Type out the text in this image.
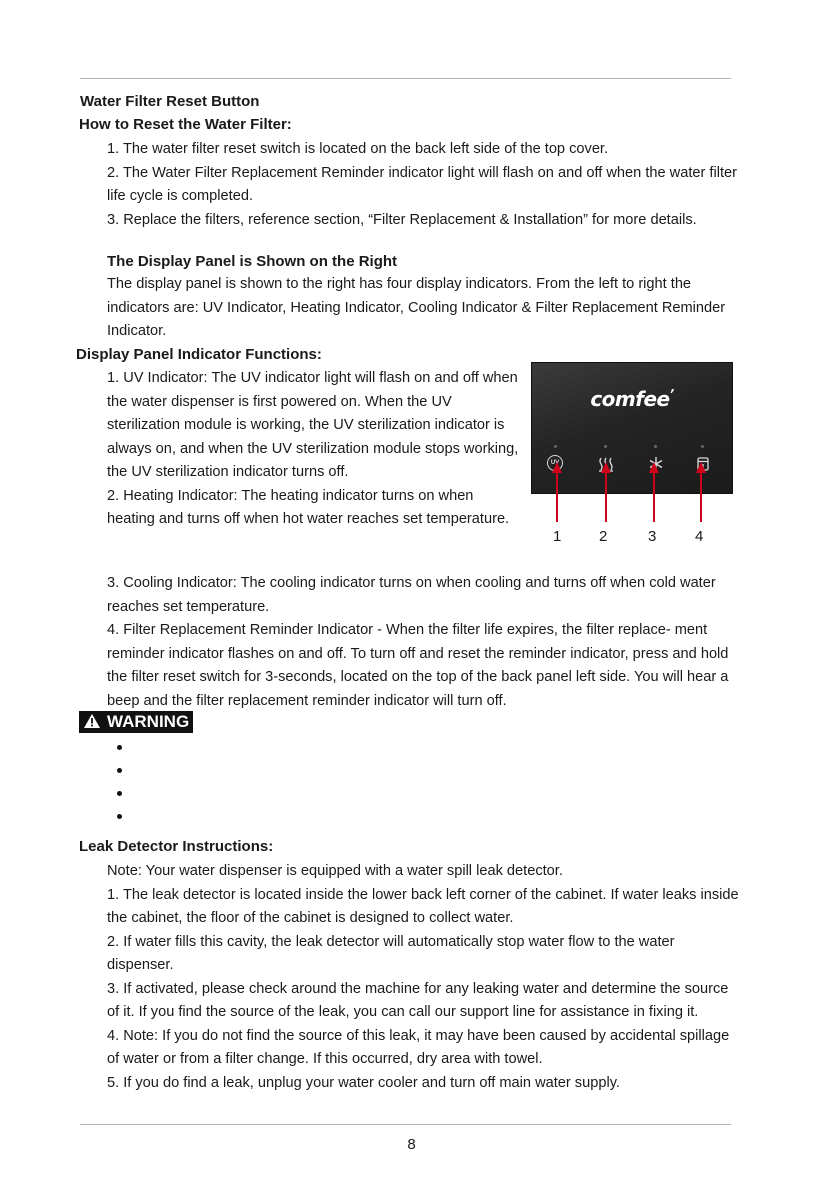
Water Filter Reset Button
How to Reset the Water Filter:

1. The water filter reset switch is located on the back left side of the top cover.
2. The Water Filter Replacement Reminder indicator light will flash on and off when the water filter life cycle is completed.
3. Replace the filters, reference section, “Filter Replacement & Installation” for more details.

The Display Panel is Shown on the Right

The display panel is shown to the right has four display indicators. From the left to right the indicators are: UV Indicator, Heating Indicator, Cooling Indicator & Filter Replacement Reminder Indicator.

Display Panel Indicator Functions:

1. UV Indicator: The UV indicator light will flash on and off when the water dispenser is first powered on. When the UV sterilization module is working, the UV sterilization indicator is always on, and when the UV sterilization module stops working, the UV sterilization indicator turns off.
2. Heating Indicator: The heating indicator turns on when heating and turns off when hot water reaches set temperature.

3. Cooling Indicator: The cooling indicator turns on when cooling and turns off when cold water reaches set temperature.
4. Filter Replacement Reminder Indicator - When the filter life expires, the filter replace- ment reminder indicator flashes on and off. To turn off and reset the reminder indicator, press and hold the filter reset switch for 3-seconds, located on the top of the back panel left side. You will hear a beep and the filter replacement reminder indicator will turn off.

comfee’
UV
1	2	3	4
WARNING
Leak Detector Instructions:

Note: Your water dispenser is equipped with a water spill leak detector.
1. The leak detector is located inside the lower back left corner of the cabinet. If water leaks inside the cabinet, the floor of the cabinet is designed to collect water.
2. If water fills this cavity, the leak detector will automatically stop water flow to the water dispenser.
3. If activated, please check around the machine for any leaking water and determine the source of it. If you find the source of the leak, you can call our support line for assistance in fixing it.
4. Note: If you do not find the source of this leak, it may have been caused by accidental spillage of water or from a filter change. If this occurred, dry area with towel.
5. If you do find a leak, unplug your water cooler and turn off main water supply.

8
